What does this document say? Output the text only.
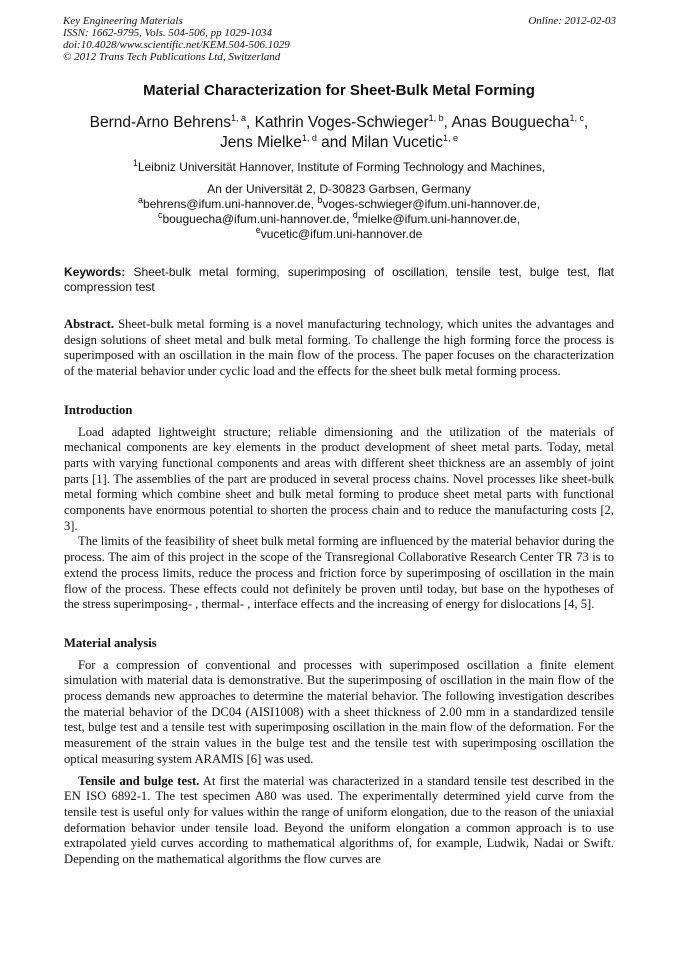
Key Engineering Materials
ISSN: 1662-9795, Vols. 504-506, pp 1029-1034
doi:10.4028/www.scientific.net/KEM.504-506.1029
© 2012 Trans Tech Publications Ltd, Switzerland
Online: 2012-02-03
Material Characterization for Sheet-Bulk Metal Forming
Bernd-Arno Behrens$^{1, a}$, Kathrin Voges-Schwieger$^{1, b}$, Anas Bouguecha$^{1, c}$,
Jens Mielke$^{1, d}$ and Milan Vucetic$^{1, e}$
$^1$Leibniz Universität Hannover, Institute of Forming Technology and Machines,
An der Universität 2, D-30823 Garbsen, Germany
$^a$behrens@ifum.uni-hannover.de, $^b$voges-schwieger@ifum.uni-hannover.de,
$^c$bouguecha@ifum.uni-hannover.de, $^d$mielke@ifum.uni-hannover.de,
$^e$vucetic@ifum.uni-hannover.de
Keywords: Sheet-bulk metal forming, superimposing of oscillation, tensile test, bulge test, flat compression test

Abstract. Sheet-bulk metal forming is a novel manufacturing technology, which unites the advantages and design solutions of sheet metal and bulk metal forming. To challenge the high forming force the process is superimposed with an oscillation in the main flow of the process. The paper focuses on the characterization of the material behavior under cyclic load and the effects for the sheet bulk metal forming process.

Introduction

Load adapted lightweight structure; reliable dimensioning and the utilization of the materials of mechanical components are key elements in the product development of sheet metal parts. Today, metal parts with varying functional components and areas with different sheet thickness are an assembly of joint parts [1]. The assemblies of the part are produced in several process chains. Novel processes like sheet-bulk metal forming which combine sheet and bulk metal forming to produce sheet metal parts with functional components have enormous potential to shorten the process chain and to reduce the manufacturing costs [2, 3].

The limits of the feasibility of sheet bulk metal forming are influenced by the material behavior during the process. The aim of this project in the scope of the Transregional Collaborative Research Center TR 73 is to extend the process limits, reduce the process and friction force by superimposing of oscillation in the main flow of the process. These effects could not definitely be proven until today, but base on the hypotheses of the stress superimposing- , thermal- , interface effects and the increasing of energy for dislocations [4, 5].

Material analysis

For a compression of conventional and processes with superimposed oscillation a finite element simulation with material data is demonstrative. But the superimposing of oscillation in the main flow of the process demands new approaches to determine the material behavior. The following investigation describes the material behavior of the DC04 (AISI1008) with a sheet thickness of 2.00 mm in a standardized tensile test, bulge test and a tensile test with superimposing oscillation in the main flow of the deformation. For the measurement of the strain values in the bulge test and the tensile test with superimposing oscillation the optical measuring system ARAMIS [6] was used.

Tensile and bulge test. At first the material was characterized in a standard tensile test described in the EN ISO 6892-1. The test specimen A80 was used. The experimentally determined yield curve from the tensile test is useful only for values within the range of uniform elongation, due to the reason of the uniaxial deformation behavior under tensile load. Beyond the uniform elongation a common approach is to use extrapolated yield curves according to mathematical algorithms of, for example, Ludwik, Nadai or Swift. Depending on the mathematical algorithms the flow curves are
